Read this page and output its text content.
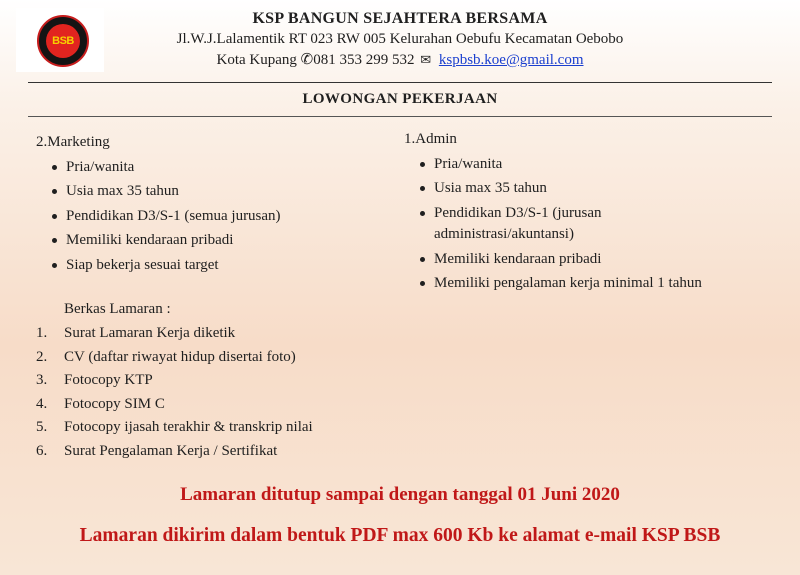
BSB
KSP BANGUN SEJAHTERA BERSAMA
Jl.W.J.Lalamentik RT 023 RW 005 Kelurahan Oebufu Kecamatan Oebobo
Kota Kupang ✆081 353 299 532 ✉ kspbsb.koe@gmail.com
LOWONGAN PEKERJAAN
2.Marketing
Pria/wanita
Usia max 35 tahun
Pendidikan D3/S-1 (semua jurusan)
Memiliki kendaraan pribadi
Siap bekerja sesuai target
1.Admin
Pria/wanita
Usia max 35 tahun
Pendidikan D3/S-1 (jurusan administrasi/akuntansi)
Memiliki kendaraan pribadi
Memiliki pengalaman kerja minimal 1 tahun
Berkas Lamaran :
1.	Surat Lamaran Kerja diketik
2.	CV (daftar riwayat hidup disertai foto)
3.	Fotocopy KTP
4.	Fotocopy SIM C
5.	Fotocopy ijasah terakhir & transkrip nilai
6.	Surat Pengalaman Kerja / Sertifikat
Lamaran ditutup sampai dengan tanggal 01 Juni 2020
Lamaran dikirim dalam bentuk PDF max 600 Kb ke alamat e-mail KSP BSB
